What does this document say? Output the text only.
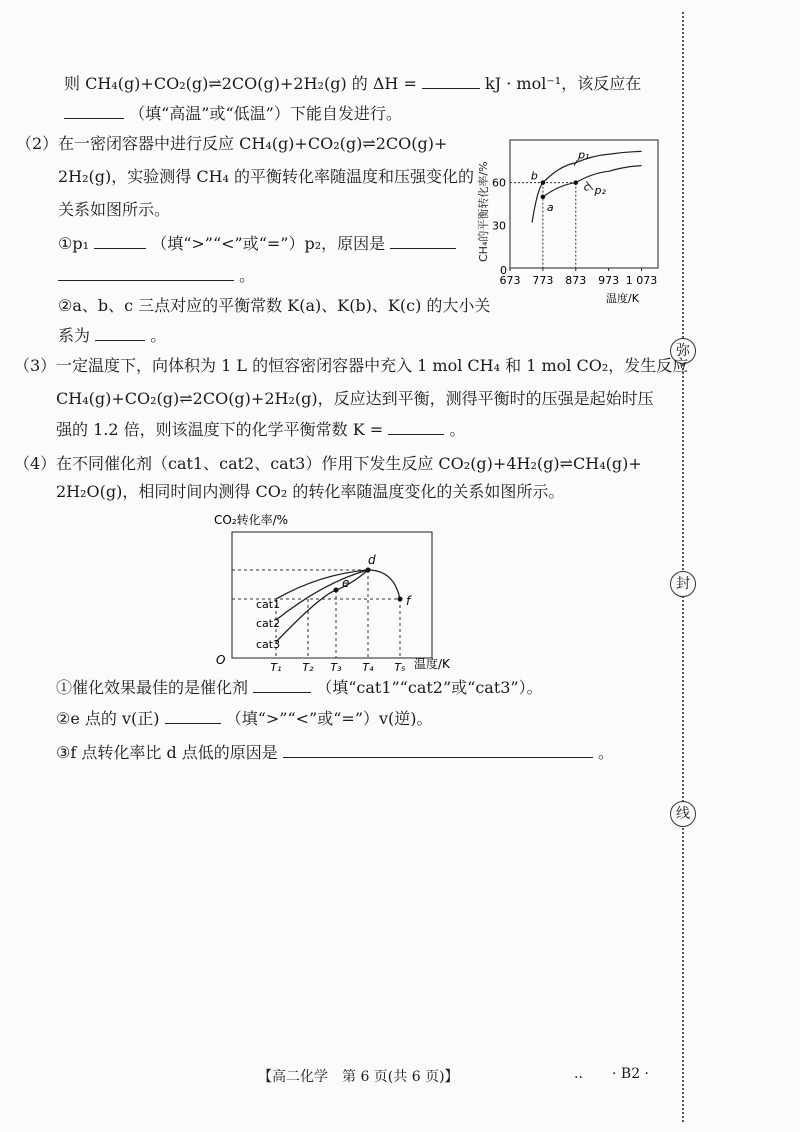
弥
封
线
则 CH₄(g)+CO₂(g)⇌2CO(g)+2H₂(g) 的 ΔH =	kJ · mol⁻¹，该反应在
（填“高温”或“低温”）下能自发进行。
（2） 在一密闭容器中进行反应 CH₄(g)+CO₂(g)⇌2CO(g)+
2H₂(g)，实验测得 CH₄ 的平衡转化率随温度和压强变化的
关系如图所示。
①p₁	（填“>”“<”或“=”）p₂，原因是
。
②a、b、c 三点对应的平衡常数 K(a)、K(b)、K(c) 的大小关
系为	。
CH₄的平衡转化率/%
673 773 873 973 1 073
30
60
p₁
p₂
a
b
c
0
温度/K
（3） 一定温度下，向体积为 1 L 的恒容密闭容器中充入 1 mol CH₄ 和 1 mol CO₂，发生反应
CH₄(g)+CO₂(g)⇌2CO(g)+2H₂(g)，反应达到平衡，测得平衡时的压强是起始时压
强的 1.2 倍，则该温度下的化学平衡常数 K =	。
（4） 在不同催化剂（cat1、cat2、cat3）作用下发生反应 CO₂(g)+4H₂(g)⇌CH₄(g)+
2H₂O(g)，相同时间内测得 CO₂ 的转化率随温度变化的关系如图所示。
CO₂转化率/%
T₁ T₂ T₃ T₄ T₅
cat1
cat2
cat3
d
e
f
O	温度/K
①催化效果最佳的是催化剂	（填“cat1”“cat2”或“cat3”）。
②e 点的 v(正)	（填“>”“<”或“=”）v(逆)。
③f 点转化率比 d 点低的原因是	。
【高二化学　第 6 页(共 6 页)】	.. · B2 ·
